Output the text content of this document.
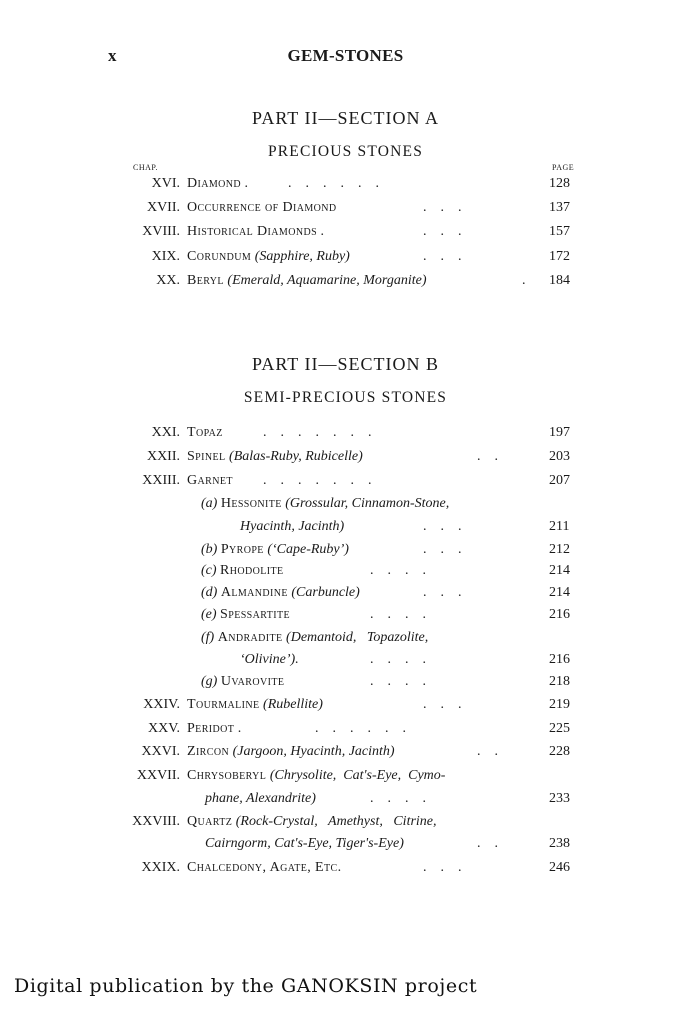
x	GEM-STONES
PART II—SECTION A
PRECIOUS STONES
CHAP.	PAGE
XVI. Diamond .	.    .    .    .    .    .	128
XVII. Occurrence of Diamond	.    .    .	137
XVIII. Historical Diamonds .	.    .    .	157
XIX. Corundum (Sapphire, Ruby)	.    .    .	172
XX. Beryl (Emerald, Aquamarine, Morganite)	. 184
PART II—SECTION B
SEMI-PRECIOUS STONES
XXI. Topaz	.    .    .    .    .    .    .	197
XXII. Spinel (Balas-Ruby, Rubicelle)	.    .	203
XXIII. Garnet .    .    .    .    .    .    .	207
(a) Hessonite (Grossular, Cinnamon-Stone,
Hyacinth, Jacinth)	.    .    .	211
(b) Pyrope (‘Cape-Ruby’)	.    .    .	212
(c) Rhodolite	.    .    .    .	214
(d) Almandine (Carbuncle)	.    .    .	214
(e) Spessartite	.    .    .    .	216
(f) Andradite (Demantoid,   Topazolite,
‘Olivine’).	.    .    .    .	216
(g) Uvarovite	.    .    .    .	218
XXIV. Tourmaline (Rubellite)	.    .    .	219
XXV. Peridot .	.    .    .    .    .    .	225
XXVI. Zircon (Jargoon, Hyacinth, Jacinth)	.    .	228
XXVII. Chrysoberyl (Chrysolite,  Cat's-Eye,  Cymo-
phane, Alexandrite)	.    .    .    .	233
XXVIII. Quartz (Rock-Crystal,   Amethyst,   Citrine,
Cairngorm, Cat's-Eye, Tiger's-Eye)	.    .	238
XXIX. Chalcedony, Agate, Etc.	.    .    .	246
Digital publication by the GANOKSIN project
